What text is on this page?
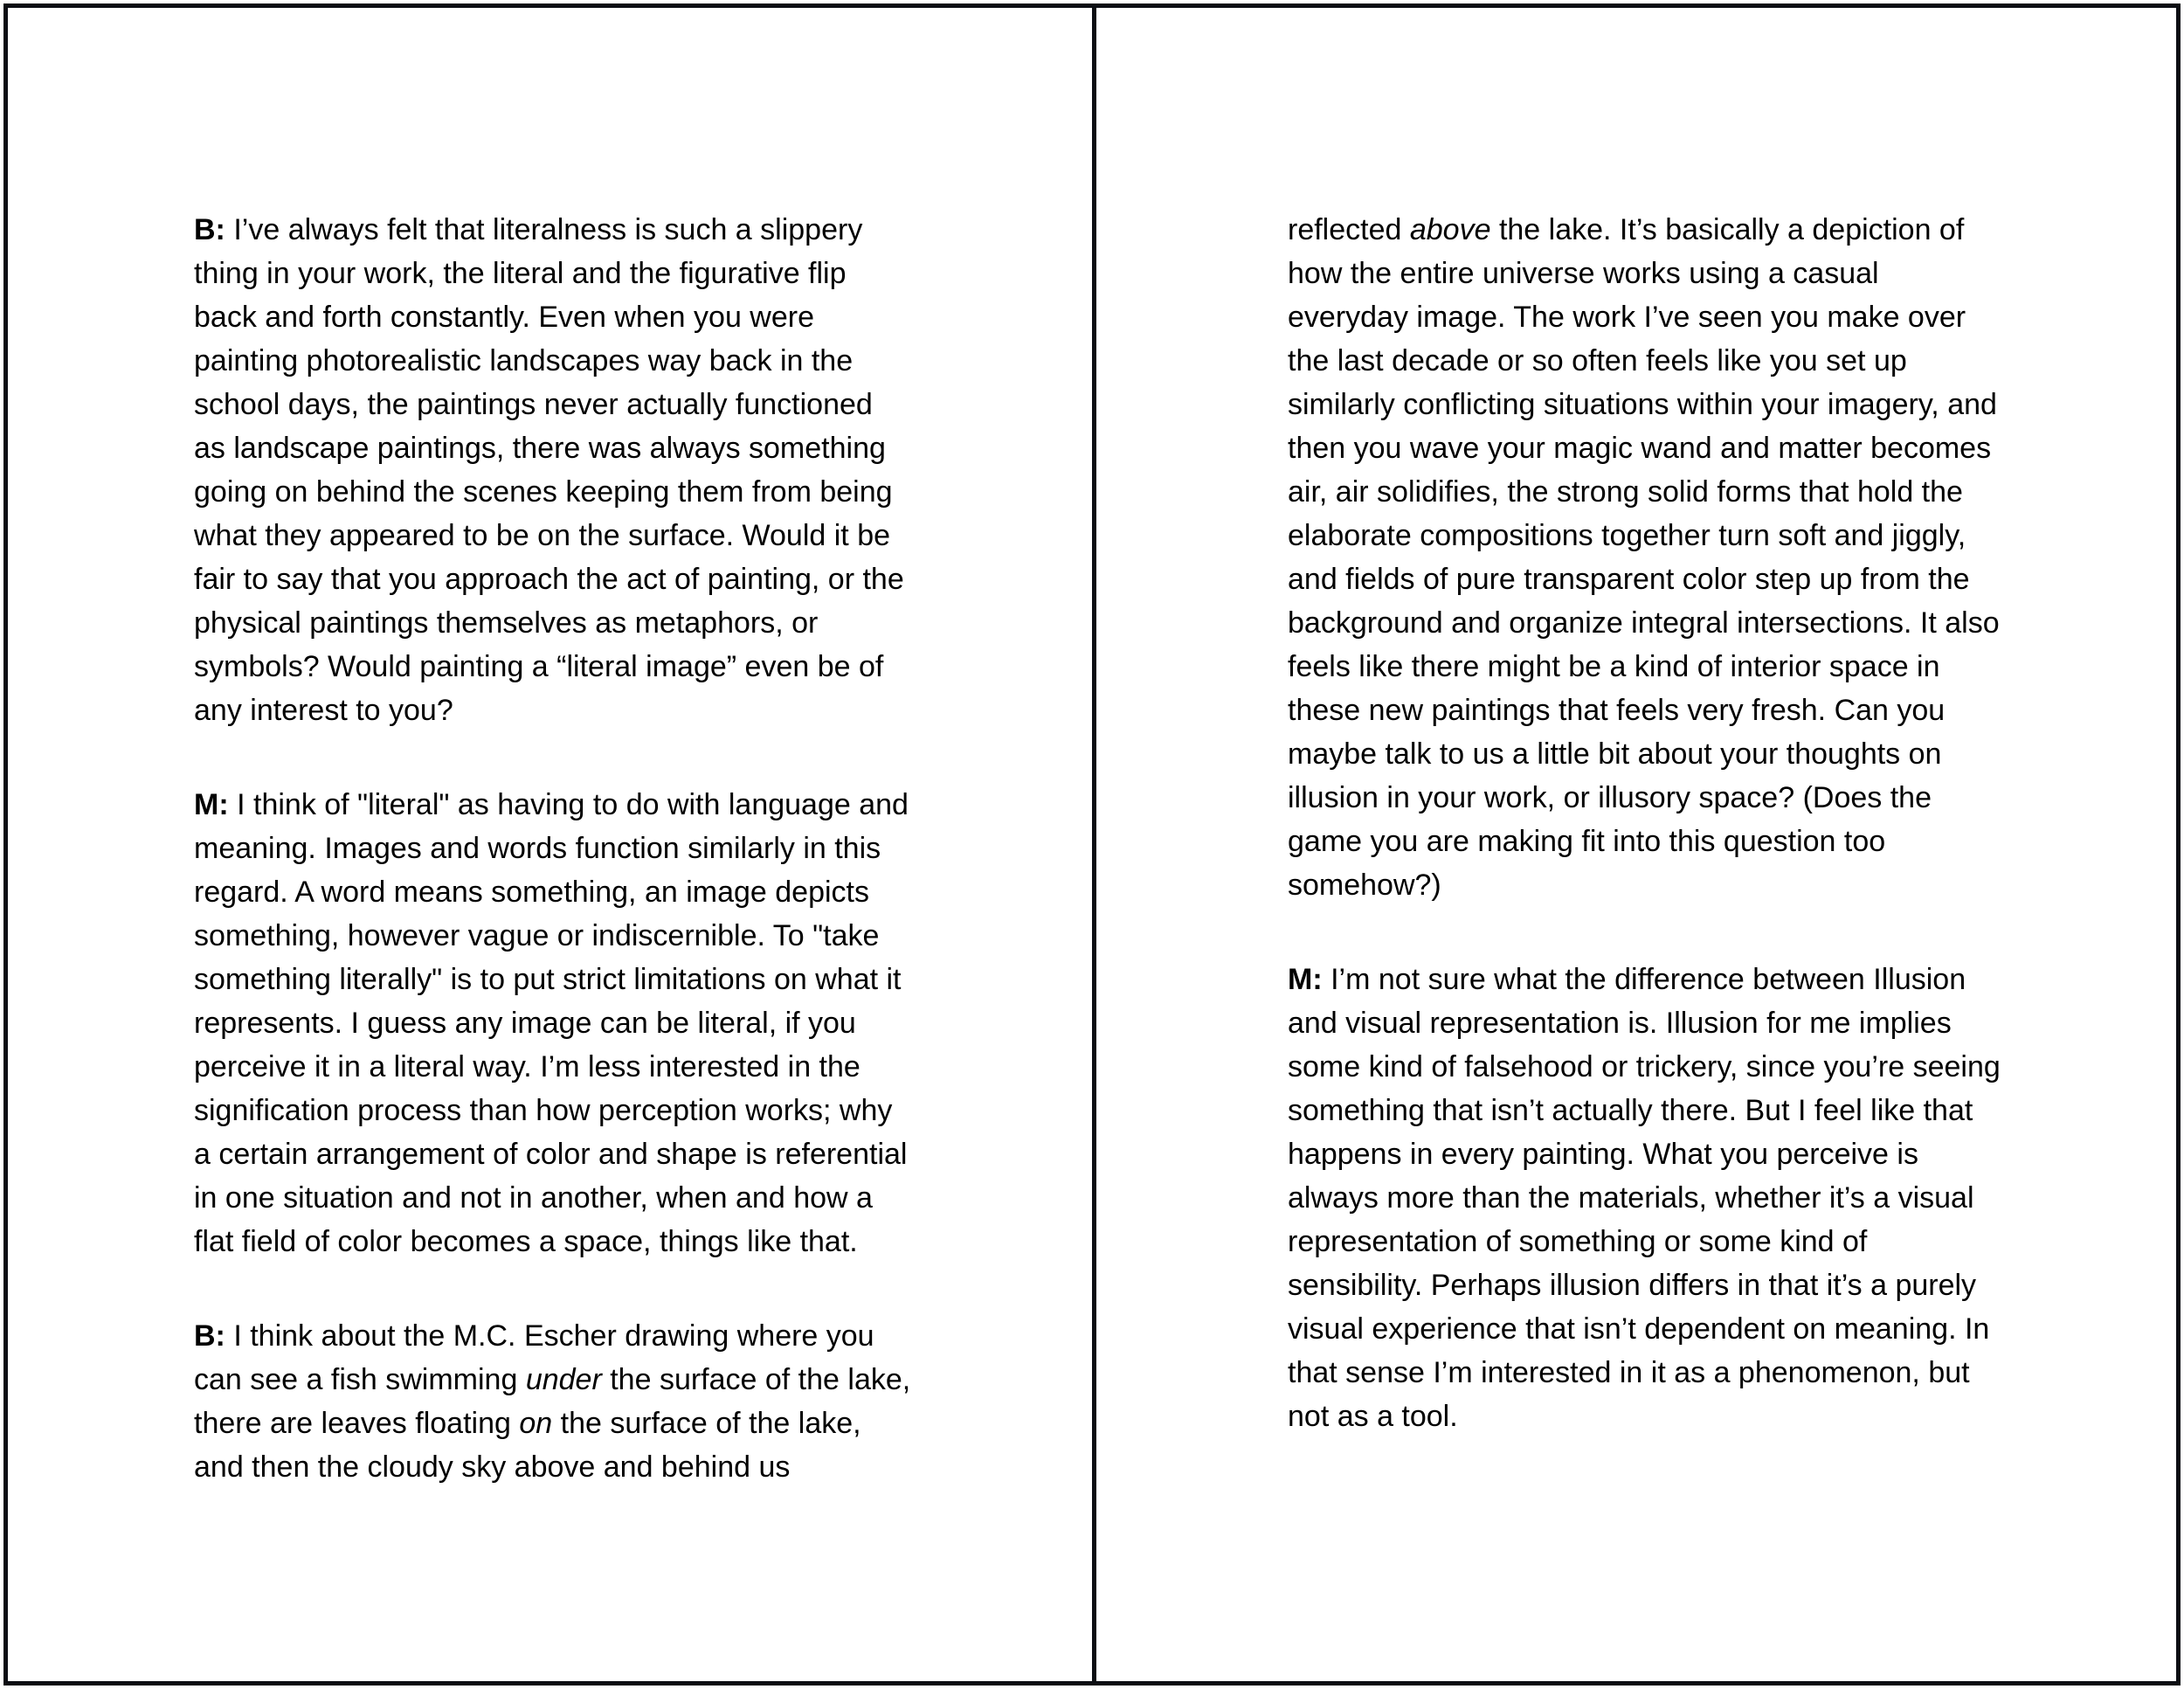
B: I’ve always felt that literalness is such a slippery
thing in your work, the literal and the figurative flip
back and forth constantly. Even when you were
painting photorealistic landscapes way back in the
school days, the paintings never actually functioned
as landscape paintings, there was always something
going on behind the scenes keeping them from being
what they appeared to be on the surface. Would it be
fair to say that you approach the act of painting, or the
physical paintings themselves as metaphors, or
symbols? Would painting a “literal image” even be of
any interest to you?
M: I think of "literal" as having to do with language and
meaning. Images and words function similarly in this
regard. A word means something, an image depicts
something, however vague or indiscernible. To "take
something literally" is to put strict limitations on what it
represents. I guess any image can be literal, if you
perceive it in a literal way. I’m less interested in the
signification process than how perception works; why
a certain arrangement of color and shape is referential
in one situation and not in another, when and how a
flat field of color becomes a space, things like that.
B: I think about the M.C. Escher drawing where you
can see a fish swimming under the surface of the lake,
there are leaves floating on the surface of the lake,
and then the cloudy sky above and behind us
reflected above the lake. It’s basically a depiction of
how the entire universe works using a casual
everyday image. The work I’ve seen you make over
the last decade or so often feels like you set up
similarly conflicting situations within your imagery, and
then you wave your magic wand and matter becomes
air, air solidifies, the strong solid forms that hold the
elaborate compositions together turn soft and jiggly,
and fields of pure transparent color step up from the
background and organize integral intersections. It also
feels like there might be a kind of interior space in
these new paintings that feels very fresh. Can you
maybe talk to us a little bit about your thoughts on
illusion in your work, or illusory space? (Does the
game you are making fit into this question too
somehow?)
M: I’m not sure what the difference between Illusion
and visual representation is. Illusion for me implies
some kind of falsehood or trickery, since you’re seeing
something that isn’t actually there. But I feel like that
happens in every painting. What you perceive is
always more than the materials, whether it’s a visual
representation of something or some kind of
sensibility. Perhaps illusion differs in that it’s a purely
visual experience that isn’t dependent on meaning. In
that sense I’m interested in it as a phenomenon, but
not as a tool.
